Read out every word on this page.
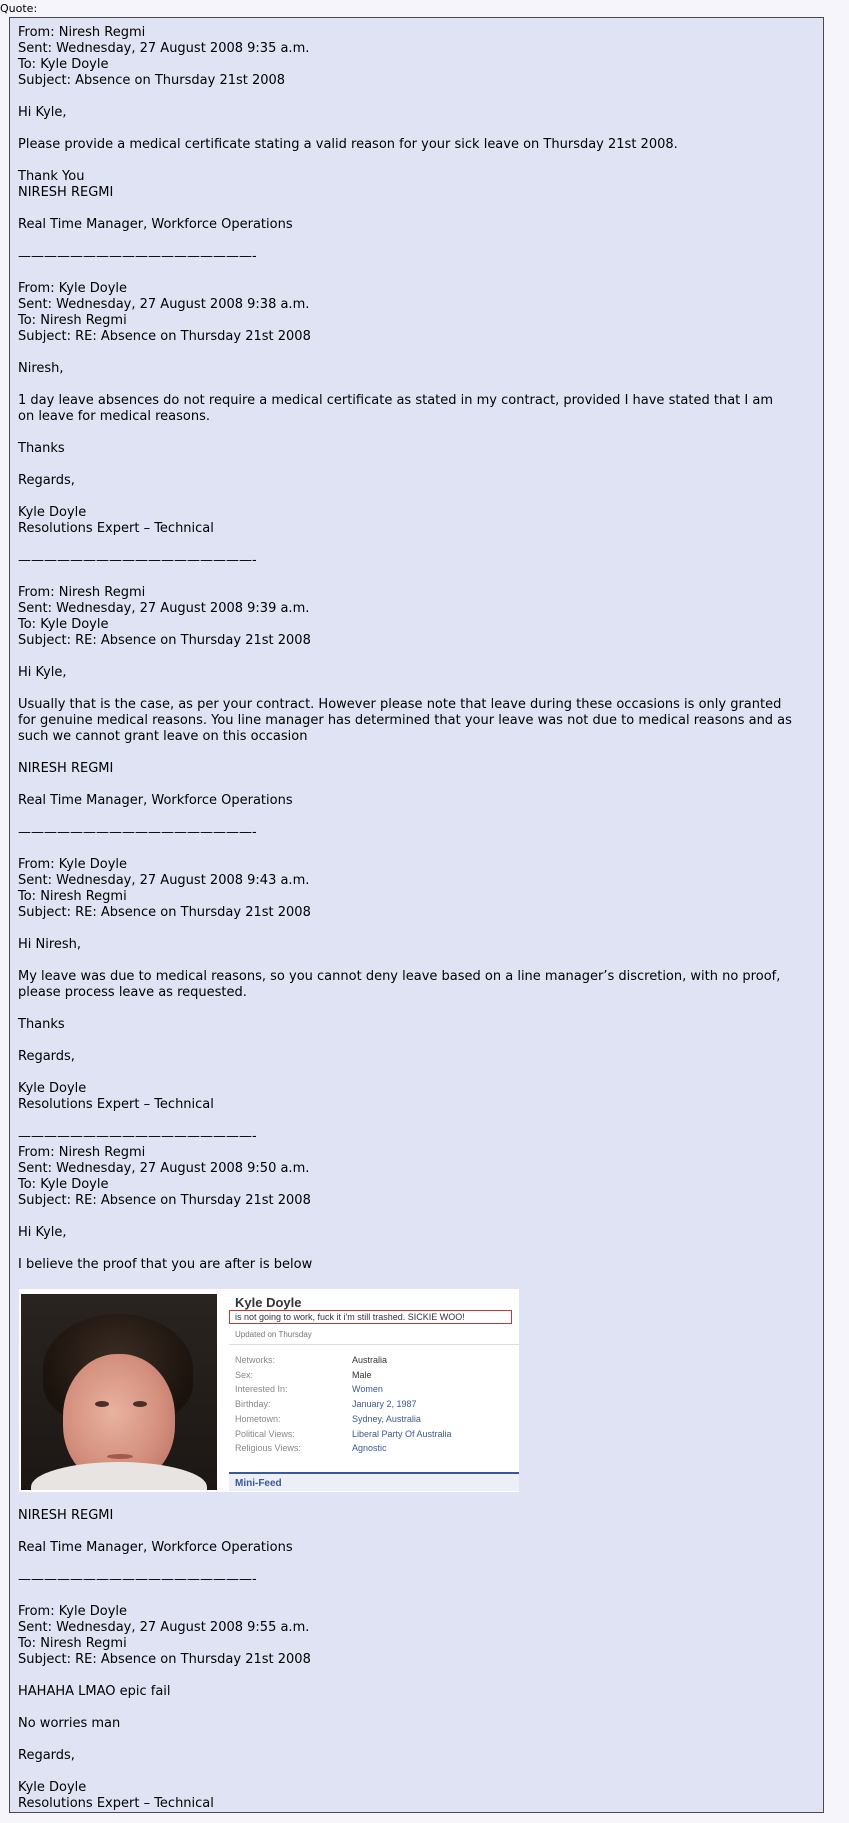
Quote:
From: Niresh Regmi
Sent: Wednesday, 27 August 2008 9:35 a.m.
To: Kyle Doyle
Subject: Absence on Thursday 21st 2008
Hi Kyle,
Please provide a medical certificate stating a valid reason for your sick leave on Thursday 21st 2008.
Thank You
NIRESH REGMI
Real Time Manager, Workforce Operations
——————————————————-
From: Kyle Doyle
Sent: Wednesday, 27 August 2008 9:38 a.m.
To: Niresh Regmi
Subject: RE: Absence on Thursday 21st 2008
Niresh,
1 day leave absences do not require a medical certificate as stated in my contract, provided I have stated that I am
on leave for medical reasons.
Thanks
Regards,
Kyle Doyle
Resolutions Expert – Technical
——————————————————-
From: Niresh Regmi
Sent: Wednesday, 27 August 2008 9:39 a.m.
To: Kyle Doyle
Subject: RE: Absence on Thursday 21st 2008
Hi Kyle,
Usually that is the case, as per your contract. However please note that leave during these occasions is only granted
for genuine medical reasons. You line manager has determined that your leave was not due to medical reasons and as
such we cannot grant leave on this occasion
NIRESH REGMI
Real Time Manager, Workforce Operations
——————————————————-
From: Kyle Doyle
Sent: Wednesday, 27 August 2008 9:43 a.m.
To: Niresh Regmi
Subject: RE: Absence on Thursday 21st 2008
Hi Niresh,
My leave was due to medical reasons, so you cannot deny leave based on a line manager’s discretion, with no proof,
please process leave as requested.
Thanks
Regards,
Kyle Doyle
Resolutions Expert – Technical
——————————————————-
From: Niresh Regmi
Sent: Wednesday, 27 August 2008 9:50 a.m.
To: Kyle Doyle
Subject: RE: Absence on Thursday 21st 2008
Hi Kyle,
I believe the proof that you are after is below
Kyle Doyle
is not going to work, fuck it i'm still trashed. SICKIE WOO!
Updated on Thursday
Networks:	Australia
Sex:	Male
Interested In:	Women
Birthday:	January 2, 1987
Hometown:	Sydney, Australia
Political Views:	Liberal Party Of Australia
Religious Views:	Agnostic
Mini-Feed
NIRESH REGMI
Real Time Manager, Workforce Operations
——————————————————-
From: Kyle Doyle
Sent: Wednesday, 27 August 2008 9:55 a.m.
To: Niresh Regmi
Subject: RE: Absence on Thursday 21st 2008
HAHAHA LMAO epic fail
No worries man
Regards,
Kyle Doyle
Resolutions Expert – Technical
